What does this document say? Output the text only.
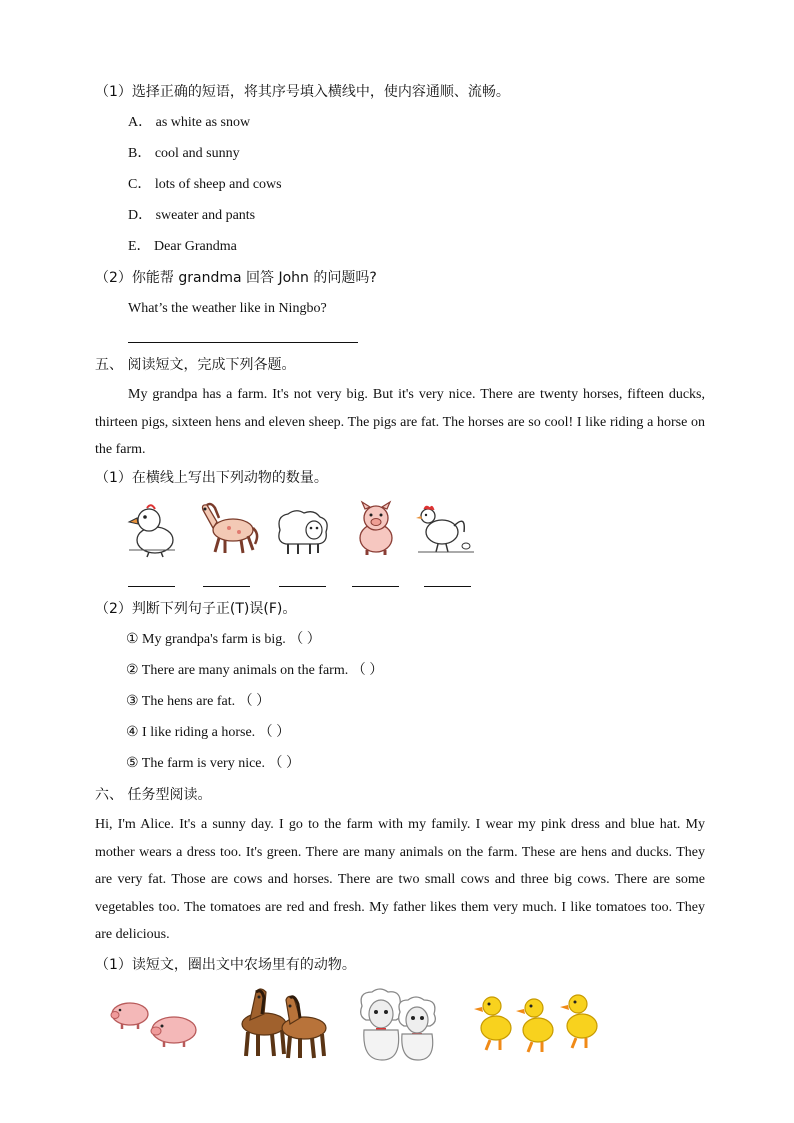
（1）选择正确的短语，将其序号填入横线中，使内容通顺、流畅。
A． as white as snow
B． cool and sunny
C． lots of sheep and cows
D． sweater and pants
E． Dear Grandma
（2）你能帮 grandma 回答 John 的问题吗?
What’s the weather like in Ningbo?
五、 阅读短文，完成下列各题。
My grandpa has a farm. It's not very big. But it's very nice. There are twenty horses, fifteen ducks, thirteen pigs, sixteen hens and eleven sheep. The pigs are fat. The horses are so cool! I like riding a horse on the farm.
（1）在横线上写出下列动物的数量。
（2）判断下列句子正(T)误(F)。
① My grandpa's farm is big. （ ）
② There are many animals on the farm. （ ）
③ The hens are fat. （ ）
④ I like riding a horse. （ ）
⑤ The farm is very nice. （ ）
六、 任务型阅读。
Hi, I'm Alice. It's a sunny day. I go to the farm with my family. I wear my pink dress and blue hat. My mother wears a dress too. It's green. There are many animals on the farm. These are hens and ducks. They are very fat. Those are cows and horses. There are two small cows and three big cows. There are some vegetables too. The tomatoes are red and fresh. My father likes them very much. I like tomatoes too. They are delicious.
（1）读短文，圈出文中农场里有的动物。
